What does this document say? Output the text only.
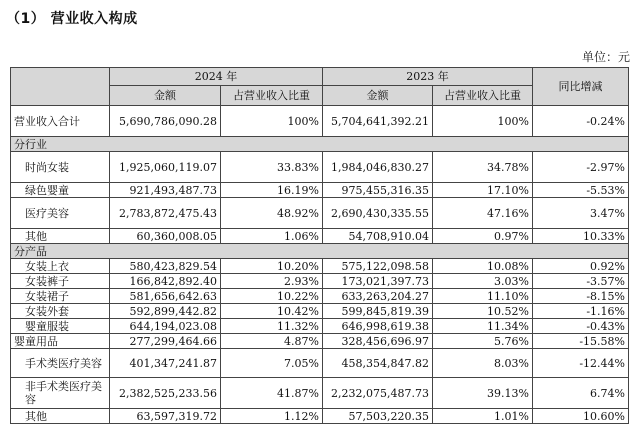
（1） 营业收入构成
单位：元
	2024 年		2023 年		同比增减
	金额	占营业收入比重	金额	占营业收入比重	
营业收入合计	5,690,786,090.28	100%	5,704,641,392.21	100%	-0.24%
分行业					
时尚女装	1,925,060,119.07	33.83%	1,984,046,830.27	34.78%	-2.97%
绿色婴童	921,493,487.73	16.19%	975,455,316.35	17.10%	-5.53%
医疗美容	2,783,872,475.43	48.92%	2,690,430,335.55	47.16%	3.47%
其他	60,360,008.05	1.06%	54,708,910.04	0.97%	10.33%
分产品					
女装上衣	580,423,829.54	10.20%	575,122,098.58	10.08%	0.92%
女装裤子	166,842,892.40	2.93%	173,021,397.73	3.03%	-3.57%
女装裙子	581,656,642.63	10.22%	633,263,204.27	11.10%	-8.15%
女装外套	592,899,442.82	10.42%	599,845,819.39	10.52%	-1.16%
婴童服装	644,194,023.08	11.32%	646,998,619.38	11.34%	-0.43%
婴童用品	277,299,464.66	4.87%	328,456,696.97	5.76%	-15.58%
手术类医疗美容	401,347,241.87	7.05%	458,354,847.82	8.03%	-12.44%
非手术类医疗美容	2,382,525,233.56	41.87%	2,232,075,487.73	39.13%	6.74%
其他	63,597,319.72	1.12%	57,503,220.35	1.01%	10.60%
